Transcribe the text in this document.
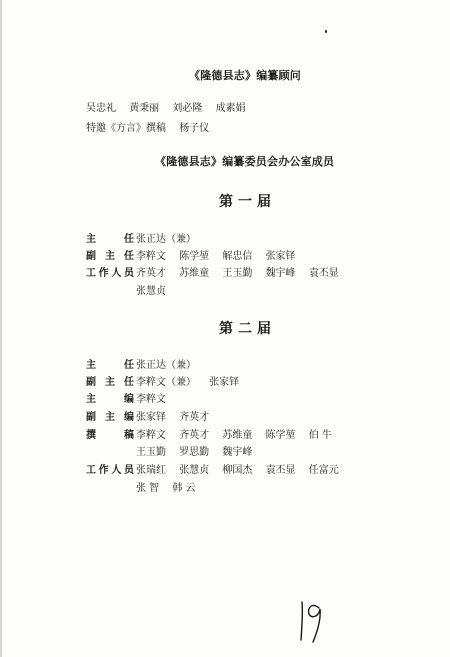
《隆德县志》编纂顾问
吴忠礼 黄秉丽 刘必隆 成素娟
特邀《方言》撰稿 杨子仪
《隆德县志》编纂委员会办公室成员
第一届
主 任 张正达（兼）
副主任 李粹文 陈学堃 解忠信 张家铎
工作人员 齐英才 苏维童 王玉勤 魏宇峰 袁丕显
张慧贞
第二届
主 任 张正达（兼）
副主任 李粹文（兼） 张家铎
主 编 李粹文
副主编 张家铎 齐英才
撰 稿 李粹文 齐英才 苏维童 陈学堃 伯 牛
王玉勤 罗思勤 魏宇峰
工作人员 张瑞红 张慧贞 柳国杰 袁丕显 任富元
张 智 韩 云
